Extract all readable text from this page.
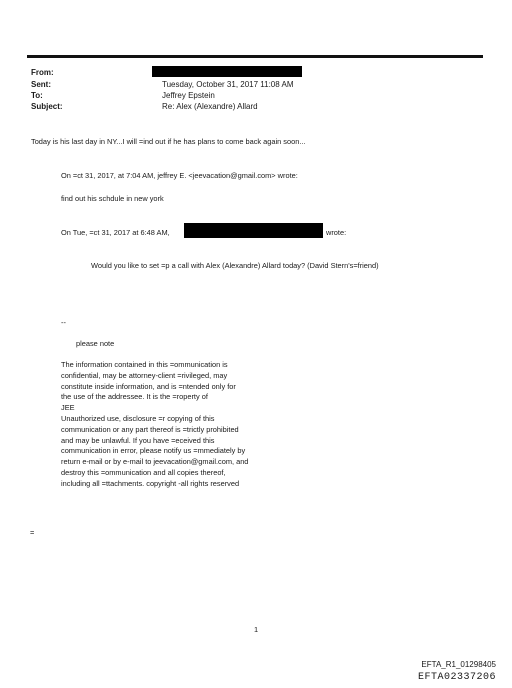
From:
Sent:
To:
Subject:
Tuesday, October 31, 2017 11:08 AM
Jeffrey Epstein
Re: Alex (Alexandre) Allard
Today is his last day in NY...I will =ind out if he has plans to come back again soon...
On =ct 31, 2017, at 7:04 AM, jeffrey E. <jeevacation@gmail.com> wrote:
find out his schdule in new york
On Tue, =ct 31, 2017 at 6:48 AM,	wrote:
Would you like to set =p a call with Alex (Alexandre) Allard today? (David Stern's=friend)
--
please note
The information contained in this =ommunication is
confidential, may be attorney-client =rivileged, may
constitute inside information, and is =ntended only for
the use of the addressee. It is the =roperty of
JEE
Unauthorized use, disclosure =r copying of this
communication or any part thereof is =trictly prohibited
and may be unlawful. If you have =eceived this
communication in error, please notify us =mmediately by
return e-mail or by e-mail to jeevacation@gmail.com, and
destroy this =ommunication and all copies thereof,
including all =ttachments. copyright -all rights reserved
=
1
EFTA_R1_01298405
EFTA02337206
